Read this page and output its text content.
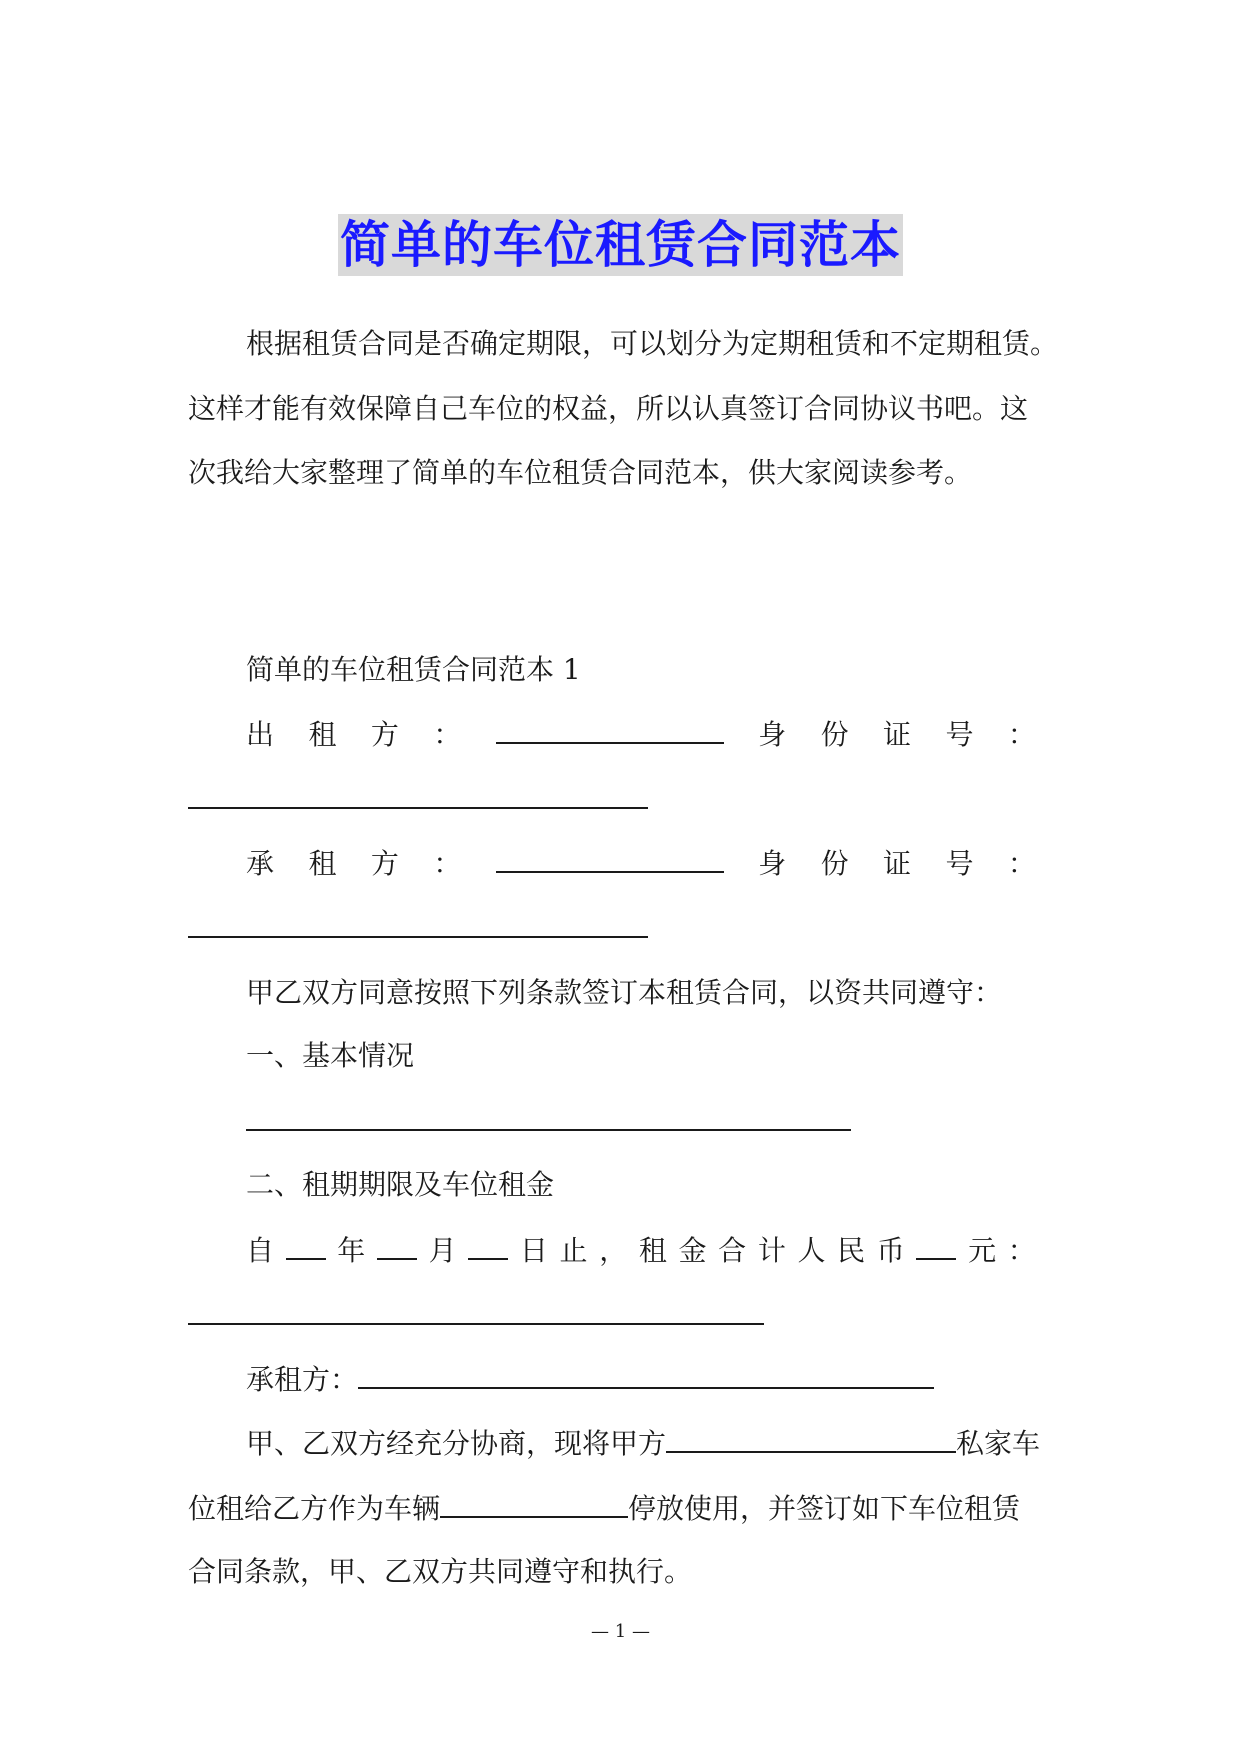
简单的车位租赁合同范本
根据租赁合同是否确定期限，可以划分为定期租赁和不定期租赁。
这样才能有效保障自己车位的权益，所以认真签订合同协议书吧。这
次我给大家整理了简单的车位租赁合同范本，供大家阅读参考。
简单的车位租赁合同范本 1
出 租 方 ：	身 份 证 号 ：
承 租 方 ：	身 份 证 号 ：
甲乙双方同意按照下列条款签订本租赁合同，以资共同遵守：
一、基本情况
二、租期期限及车位租金
自 年 月 日 止 ， 租 金 合 计 人 民 币 元 ：
承租方：
甲、乙双方经充分协商，现将甲方	私家车
位租给乙方作为车辆	停放使用，并签订如下车位租赁
合同条款，甲、乙双方共同遵守和执行。
— 1 —
